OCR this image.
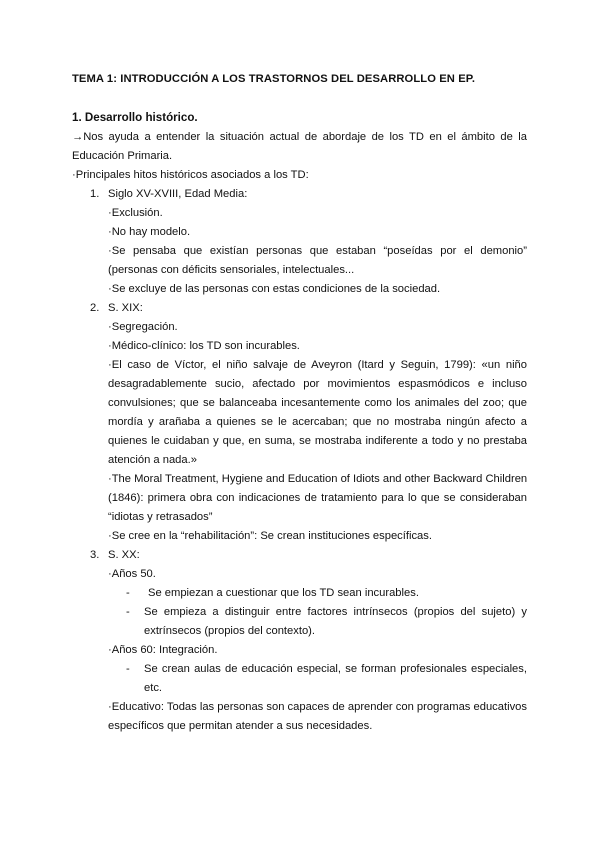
TEMA 1: INTRODUCCIÓN A LOS TRASTORNOS DEL DESARROLLO EN EP.
1. Desarrollo histórico.
→Nos ayuda a entender la situación actual de abordaje de los TD en el ámbito de la
Educación Primaria.
·Principales hitos históricos asociados a los TD:
1. Siglo XV-XVIII, Edad Media:
·Exclusión.
·No hay modelo.
·Se pensaba que existían personas que estaban “poseídas por el demonio”
(personas con déficits sensoriales, intelectuales...
·Se excluye de las personas con estas condiciones de la sociedad.
2. S. XIX:
·Segregación.
·Médico-clínico: los TD son incurables.
·El caso de Víctor, el niño salvaje de Aveyron (Itard y Seguin, 1799): «un niño
desagradablemente sucio, afectado por movimientos espasmódicos e incluso
convulsiones; que se balanceaba incesantemente como los animales del zoo; que
mordía y arañaba a quienes se le acercaban; que no mostraba ningún afecto a
quienes le cuidaban y que, en suma, se mostraba indiferente a todo y no prestaba
atención a nada.»
·The Moral Treatment, Hygiene and Education of Idiots and other Backward Children
(1846): primera obra con indicaciones de tratamiento para lo que se consideraban
“idiotas y retrasados”
·Se cree en la “rehabilitación”: Se crean instituciones específicas.
3. S. XX:
·Años 50.
- Se empiezan a cuestionar que los TD sean incurables.
- Se empieza a distinguir entre factores intrínsecos (propios del sujeto) y
extrínsecos (propios del contexto).
·Años 60: Integración.
- Se crean aulas de educación especial, se forman profesionales especiales,
etc.
·Educativo: Todas las personas son capaces de aprender con programas educativos
específicos que permitan atender a sus necesidades.
